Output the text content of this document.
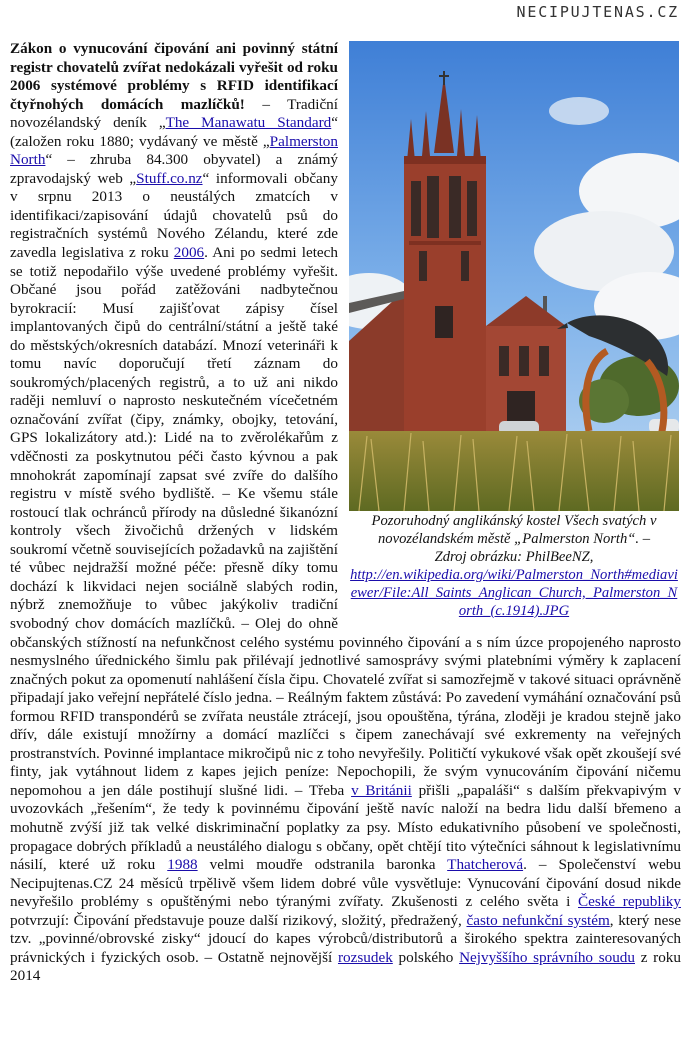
NECIPUJTENAS.CZ
Pozoruhodný anglikánský kostel Všech svatých v novozélandském městě „Palmerston North“. –
Zdroj obrázku: PhilBeeNZ,
http://en.wikipedia.org/wiki/Palmerston_North#mediaviewer/File:All_Saints_Anglican_Church,_Palmerston_North_(c.1914).JPG
Zákon o vynucování čipování ani povinný státní registr chovatelů zvířat nedokázali vyřešit od roku 2006 systémové problémy s RFID identifikací čtyřnohých domácích mazlíčků! – Tradiční novozélandský deník „The Manawatu Standard“ (založen roku 1880; vydávaný ve městě „Palmerston North“ – zhruba 84.300 obyvatel) a známý zpravodajský web „Stuff.co.nz“ informovali občany v srpnu 2013 o neustálých zmatcích v identifikaci/zapisování údajů chovatelů psů do registračních systémů Nového Zélandu, které zde zavedla legislativa z roku 2006. Ani po sedmi letech se totiž nepodařilo výše uvedené problémy vyřešit. Občané jsou pořád zatěžováni nadbytečnou byrokracií: Musí zajišťovat zápisy čísel implantovaných čipů do centrální/státní a ještě také do městských/okresních databází. Mnozí veterináři k tomu navíc doporučují třetí záznam do soukromých/placených registrů, a to už ani nikdo raději nemluví o naprosto neskutečném vícečetném označování zvířat (čipy, známky, obojky, tetování, GPS lokalizátory atd.): Lidé na to zvěrolékařům z vděčnosti za poskytnutou péči často kývnou a pak mnohokrát zapomínají zapsat své zvíře do dalšího registru v místě svého bydliště. – Ke všemu stále rostoucí tlak ochránců přírody na důsledné šikanózní kontroly všech živočichů držených v lidském soukromí včetně souvisejících požadavků na zajištění té vůbec nejdražší možné péče: přesně díky tomu dochází k likvidaci nejen sociálně slabých rodin, nýbrž znemožňuje to vůbec jakýkoliv tradiční svobodný chov domácích mazlíčků. – Olej do ohně občanských stížností na nefunkčnost celého systému povinného čipování a s ním úzce propojeného naprosto nesmyslného úřednického šimlu pak přilévají jednotlivé samosprávy svými platebními výměry k zaplacení značných pokut za opomenutí nahlášení čísla čipu. Chovatelé zvířat si samozřejmě v takové situaci oprávněně připadají jako veřejní nepřátelé číslo jedna. – Reálným faktem zůstává: Po zavedení vymáhání označování psů formou RFID transpondérů se zvířata neustále ztrácejí, jsou opouštěna, týrána, zloději je kradou stejně jako dřív, dále existují množírny a domácí mazlíčci s čipem zanechávají své exkrementy na veřejných prostranstvích. Povinné implantace mikročipů nic z toho nevyřešily. Političtí vykukové však opět zkoušejí své finty, jak vytáhnout lidem z kapes jejich peníze: Nepochopili, že svým vynucováním čipování ničemu nepomohou a jen dále postihují slušné lidi. – Třeba v Británii přišli „papaláši“ s dalším překvapivým v uvozovkách „řešením“, že tedy k povinnému čipování ještě navíc naloží na bedra lidu další břemeno a mohutně zvýší již tak velké diskriminační poplatky za psy. Místo edukativního působení ve společnosti, propagace dobrých příkladů a neustálého dialogu s občany, opět chtějí tito výtečníci sáhnout k legislativnímu násilí, které už roku 1988 velmi moudře odstranila baronka Thatcherová. – Společenství webu Necipujtenas.CZ 24 měsíců trpělivě všem lidem dobré vůle vysvětluje: Vynucování čipování dosud nikde nevyřešilo problémy s opuštěnými nebo týranými zvířaty. Zkušenosti z celého světa i České republiky potvrzují: Čipování představuje pouze další rizikový, složitý, předražený, často nefunkční systém, který nese tzv. „povinné/obrovské zisky“ jdoucí do kapes výrobců/distributorů a širokého spektra zainteresovaných právnických i fyzických osob. – Ostatně nejnovější rozsudek polského Nejvyššího správního soudu z roku 2014
